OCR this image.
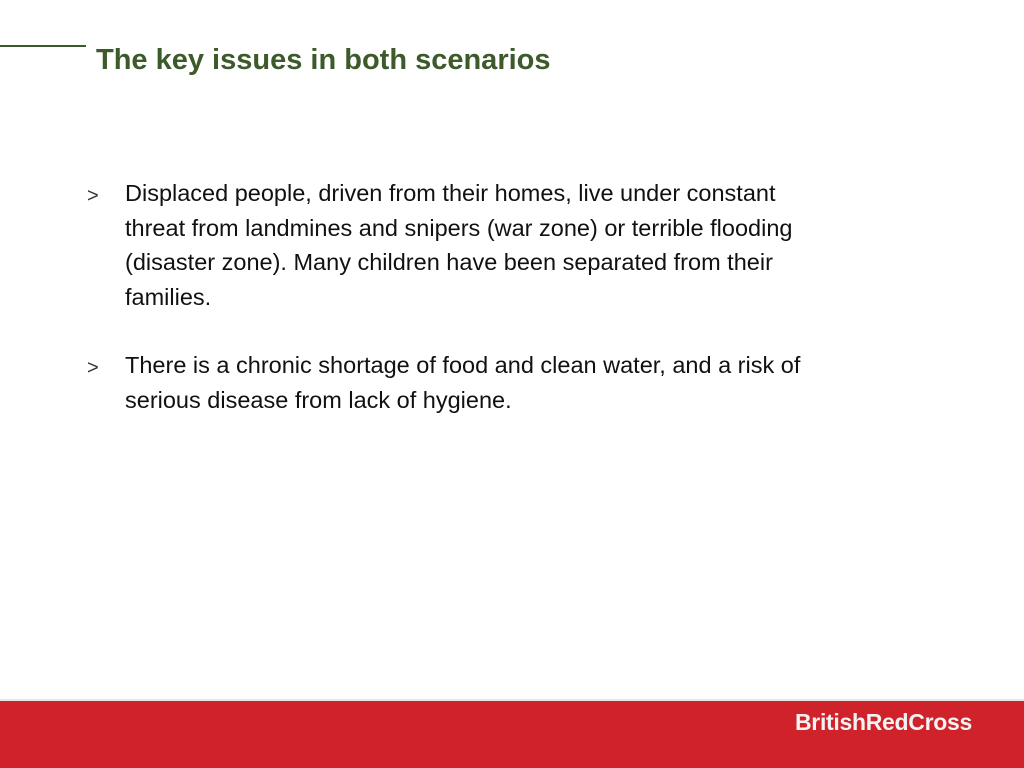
The key issues in both scenarios
>	Displaced people, driven from their homes, live under constant threat from landmines and snipers (war zone) or terrible flooding (disaster zone). Many children have been separated from their families.
>	There is a chronic shortage of food and clean water, and a risk of serious disease from lack of hygiene.
BritishRedCross
